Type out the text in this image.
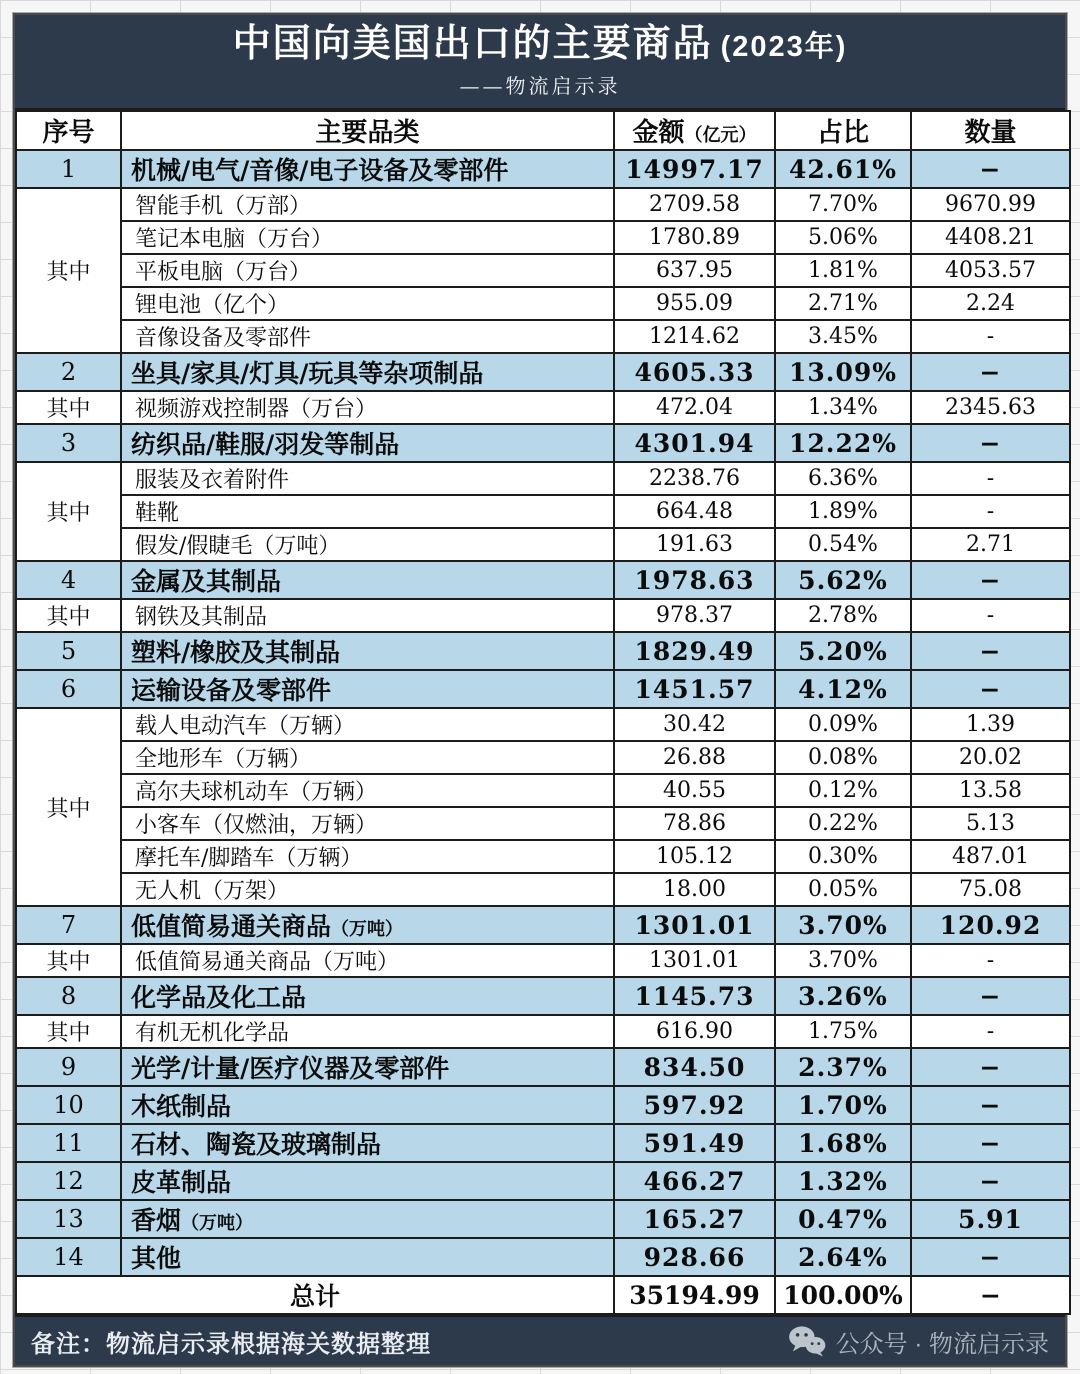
中国向美国出口的主要商品 (2023年)
——物流启示录
序号	主要品类	金额（亿元）	占比	数量
1	机械/电气/音像/电子设备及零部件	14997.17	42.61%	−
其中	智能手机（万部）	2709.58	7.70%	9670.99
	笔记本电脑（万台）	1780.89	5.06%	4408.21
	平板电脑（万台）	637.95	1.81%	4053.57
	锂电池（亿个）	955.09	2.71%	2.24
	音像设备及零部件	1214.62	3.45%	-
2	坐具/家具/灯具/玩具等杂项制品	4605.33	13.09%	−
其中	视频游戏控制器（万台）	472.04	1.34%	2345.63
3	纺织品/鞋服/羽发等制品	4301.94	12.22%	−
其中	服装及衣着附件	2238.76	6.36%	-
	鞋靴	664.48	1.89%	-
	假发/假睫毛（万吨）	191.63	0.54%	2.71
4	金属及其制品	1978.63	5.62%	−
其中	钢铁及其制品	978.37	2.78%	-
5	塑料/橡胶及其制品	1829.49	5.20%	−
6	运输设备及零部件	1451.57	4.12%	−
其中	载人电动汽车（万辆）	30.42	0.09%	1.39
	全地形车（万辆）	26.88	0.08%	20.02
	高尔夫球机动车（万辆）	40.55	0.12%	13.58
	小客车（仅燃油，万辆）	78.86	0.22%	5.13
	摩托车/脚踏车（万辆）	105.12	0.30%	487.01
	无人机（万架）	18.00	0.05%	75.08
7	低值简易通关商品（万吨）	1301.01	3.70%	120.92
其中	低值简易通关商品（万吨）	1301.01	3.70%	-
8	化学品及化工品	1145.73	3.26%	−
其中	有机无机化学品	616.90	1.75%	-
9	光学/计量/医疗仪器及零部件	834.50	2.37%	−
10	木纸制品	597.92	1.70%	−
11	石材、陶瓷及玻璃制品	591.49	1.68%	−
12	皮革制品	466.27	1.32%	−
13	香烟（万吨）	165.27	0.47%	5.91
14	其他	928.66	2.64%	−
总计		35194.99	100.00%	−
备注：物流启示录根据海关数据整理	公众号 · 物流启示录
